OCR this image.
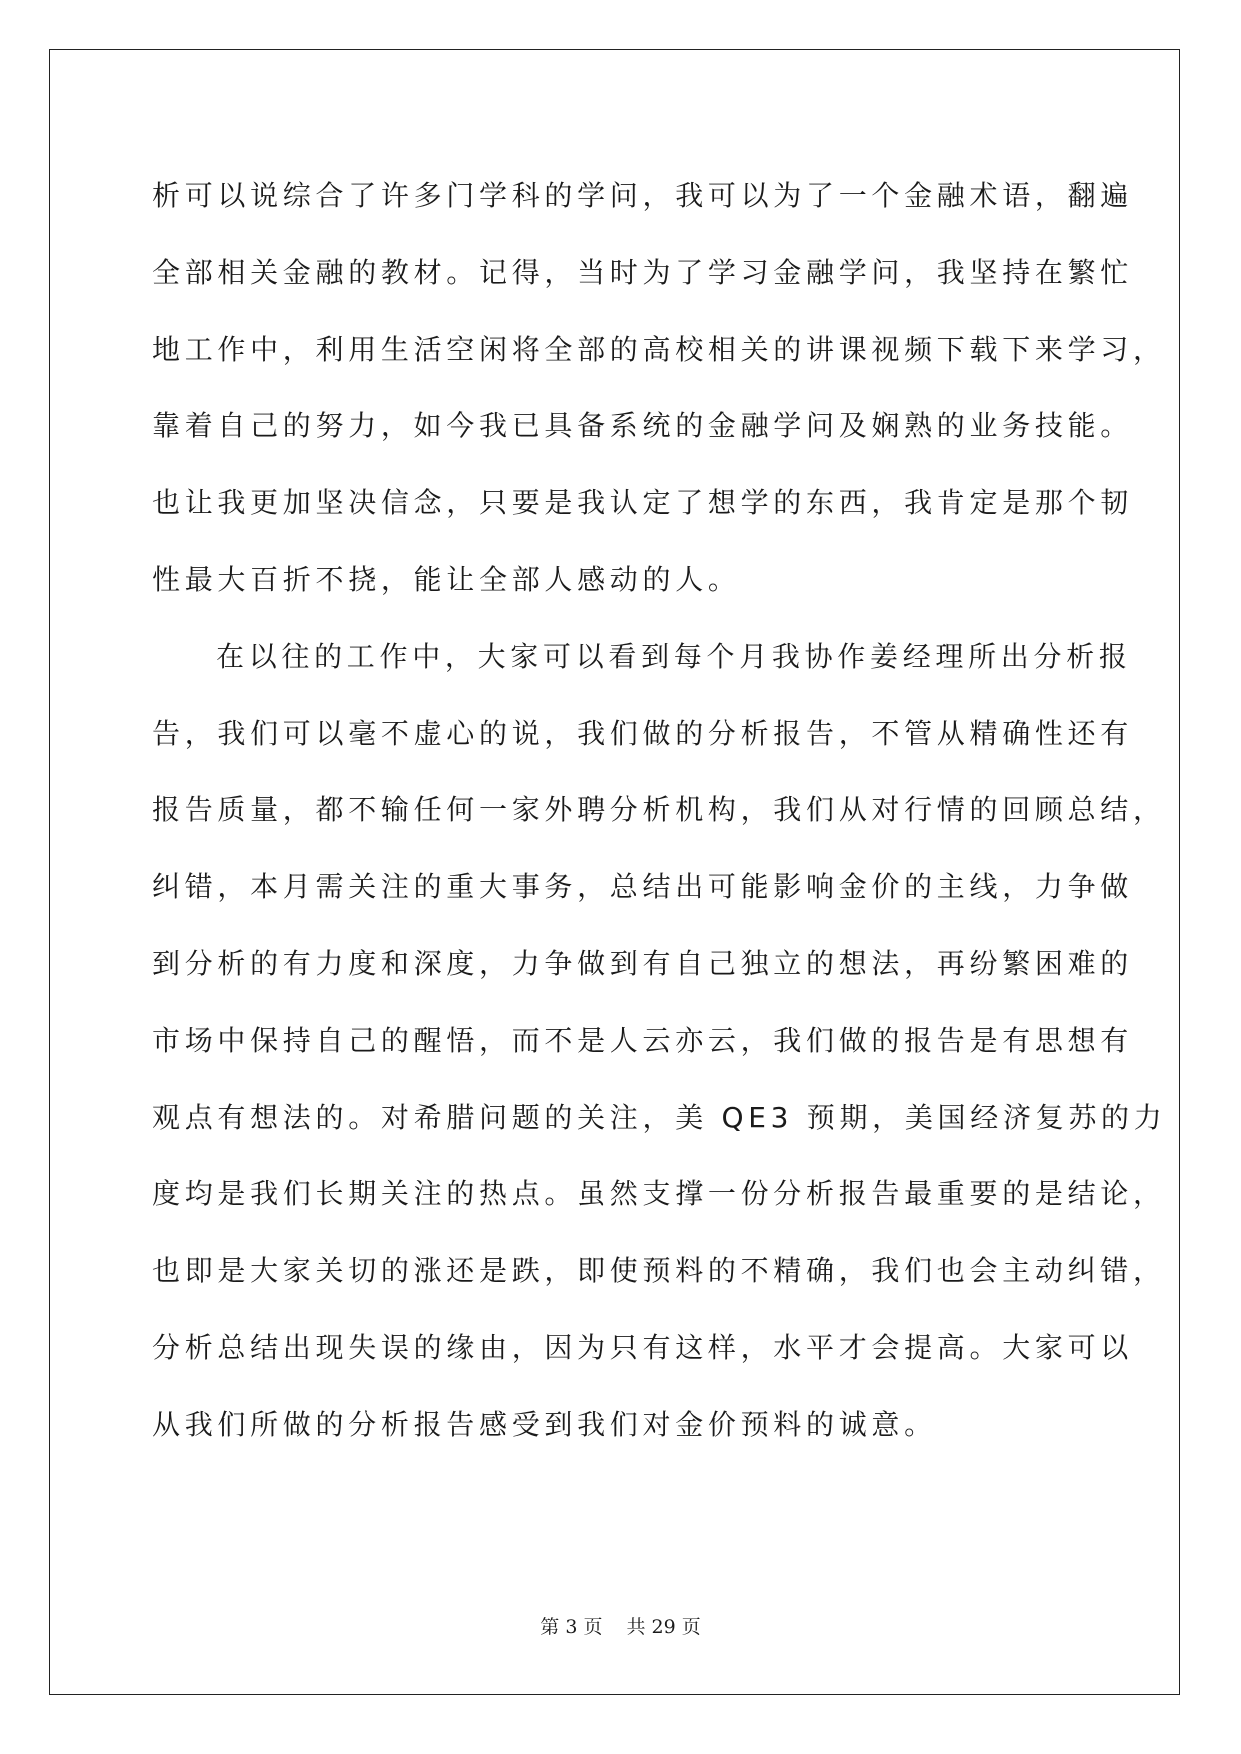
析可以说综合了许多门学科的学问，我可以为了一个金融术语，翻遍

全部相关金融的教材。记得，当时为了学习金融学问，我坚持在繁忙

地工作中，利用生活空闲将全部的高校相关的讲课视频下载下来学习，

靠着自己的努力，如今我已具备系统的金融学问及娴熟的业务技能。

也让我更加坚决信念，只要是我认定了想学的东西，我肯定是那个韧

性最大百折不挠，能让全部人感动的人。

在以往的工作中，大家可以看到每个月我协作姜经理所出分析报

告，我们可以毫不虚心的说，我们做的分析报告，不管从精确性还有

报告质量，都不输任何一家外聘分析机构，我们从对行情的回顾总结，

纠错，本月需关注的重大事务，总结出可能影响金价的主线，力争做

到分析的有力度和深度，力争做到有自己独立的想法，再纷繁困难的

市场中保持自己的醒悟，而不是人云亦云，我们做的报告是有思想有

观点有想法的。对希腊问题的关注，美 QE3 预期，美国经济复苏的力

度均是我们长期关注的热点。虽然支撑一份分析报告最重要的是结论，

也即是大家关切的涨还是跌，即使预料的不精确，我们也会主动纠错，

分析总结出现失误的缘由，因为只有这样，水平才会提高。大家可以

从我们所做的分析报告感受到我们对金价预料的诚意。

第 3 页 共 29 页
